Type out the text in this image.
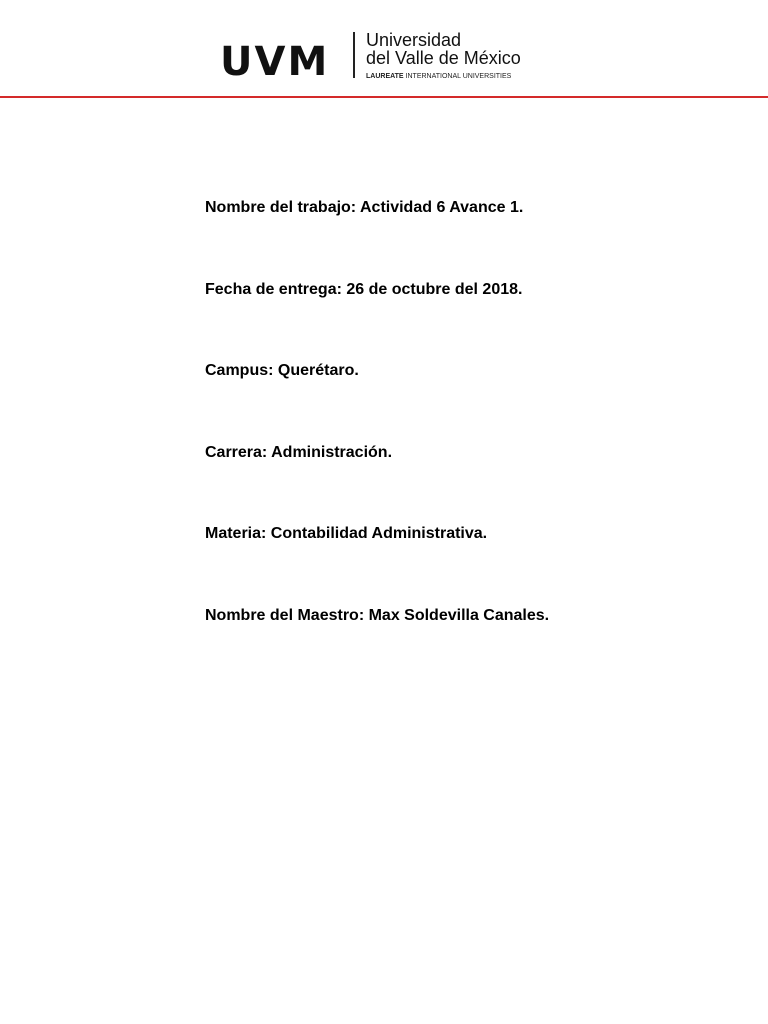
UVM Universidad
del Valle de México
LAUREATE INTERNATIONAL UNIVERSITIES
Nombre del trabajo: Actividad 6 Avance 1.
Fecha de entrega: 26 de octubre del 2018.
Campus: Querétaro.
Carrera: Administración.
Materia: Contabilidad Administrativa.
Nombre del Maestro: Max Soldevilla Canales.
